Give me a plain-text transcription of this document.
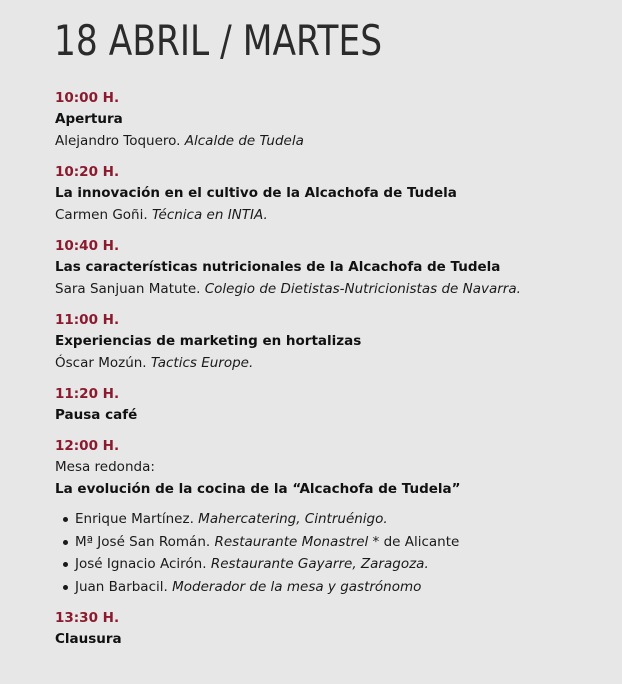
18 ABRIL / MARTES
10:00 H.
Apertura
Alejandro Toquero. Alcalde de Tudela
10:20 H.
La innovación en el cultivo de la Alcachofa de Tudela
Carmen Goñi. Técnica en INTIA.
10:40 H.
Las características nutricionales de la Alcachofa de Tudela
Sara Sanjuan Matute. Colegio de Dietistas-Nutricionistas de Navarra.
11:00 H.
Experiencias de marketing en hortalizas
Óscar Mozún. Tactics Europe.
11:20 H.
Pausa café
12:00 H.
Mesa redonda:
La evolución de la cocina de la “Alcachofa de Tudela”
Enrique Martínez. Mahercatering, Cintruénigo.
Mª José San Román. Restaurante Monastrel * de Alicante
José Ignacio Acirón. Restaurante Gayarre, Zaragoza.
Juan Barbacil. Moderador de la mesa y gastrónomo
13:30 H.
Clausura
